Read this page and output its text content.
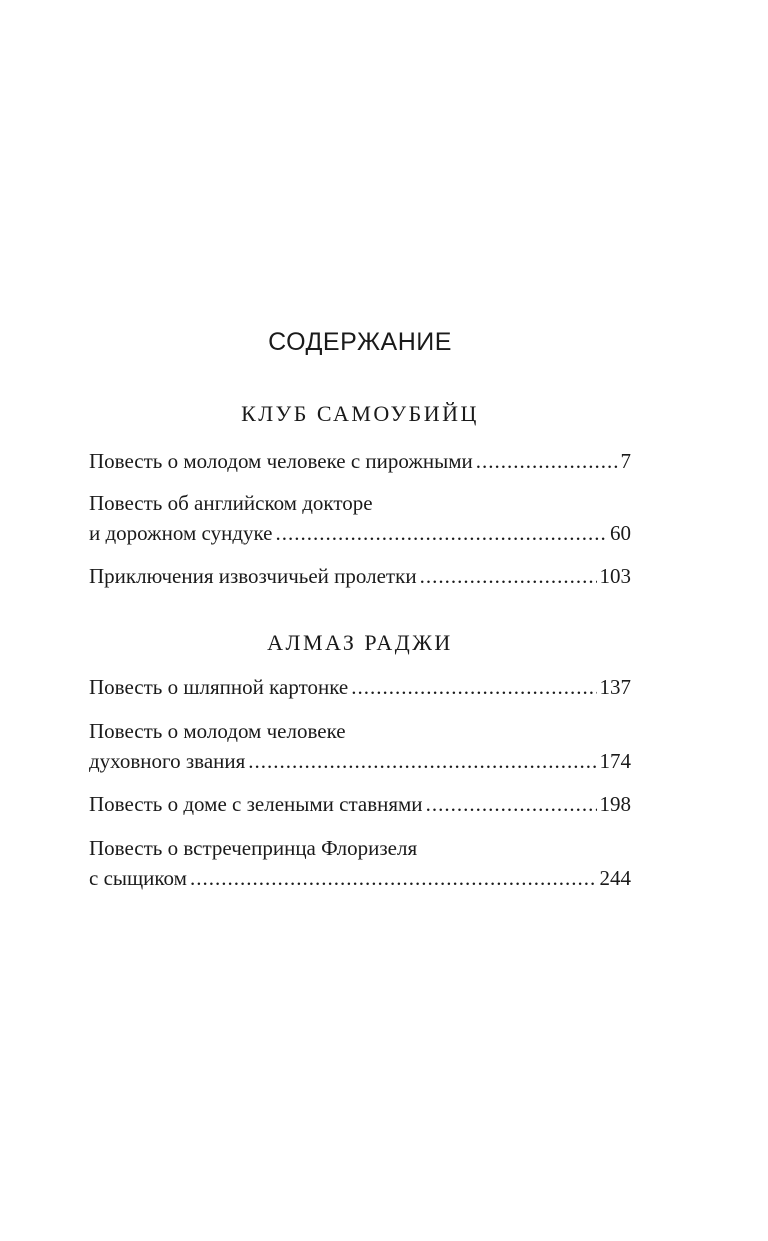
СОДЕРЖАНИЕ
КЛУБ САМОУБИЙЦ
Повесть о молодом человеке с пирожными .....	7
Повесть об английском докторе
и дорожном сундуке .....	60
Приключения извозчичьей пролетки .....	103
АЛМАЗ РАДЖИ
Повесть о шляпной картонке .....	137
Повесть о молодом человеке
духовного звания .....	174
Повесть о доме с зелеными ставнями .....	198
Повесть о встречепринца Флоризеля
с сыщиком .....	244
